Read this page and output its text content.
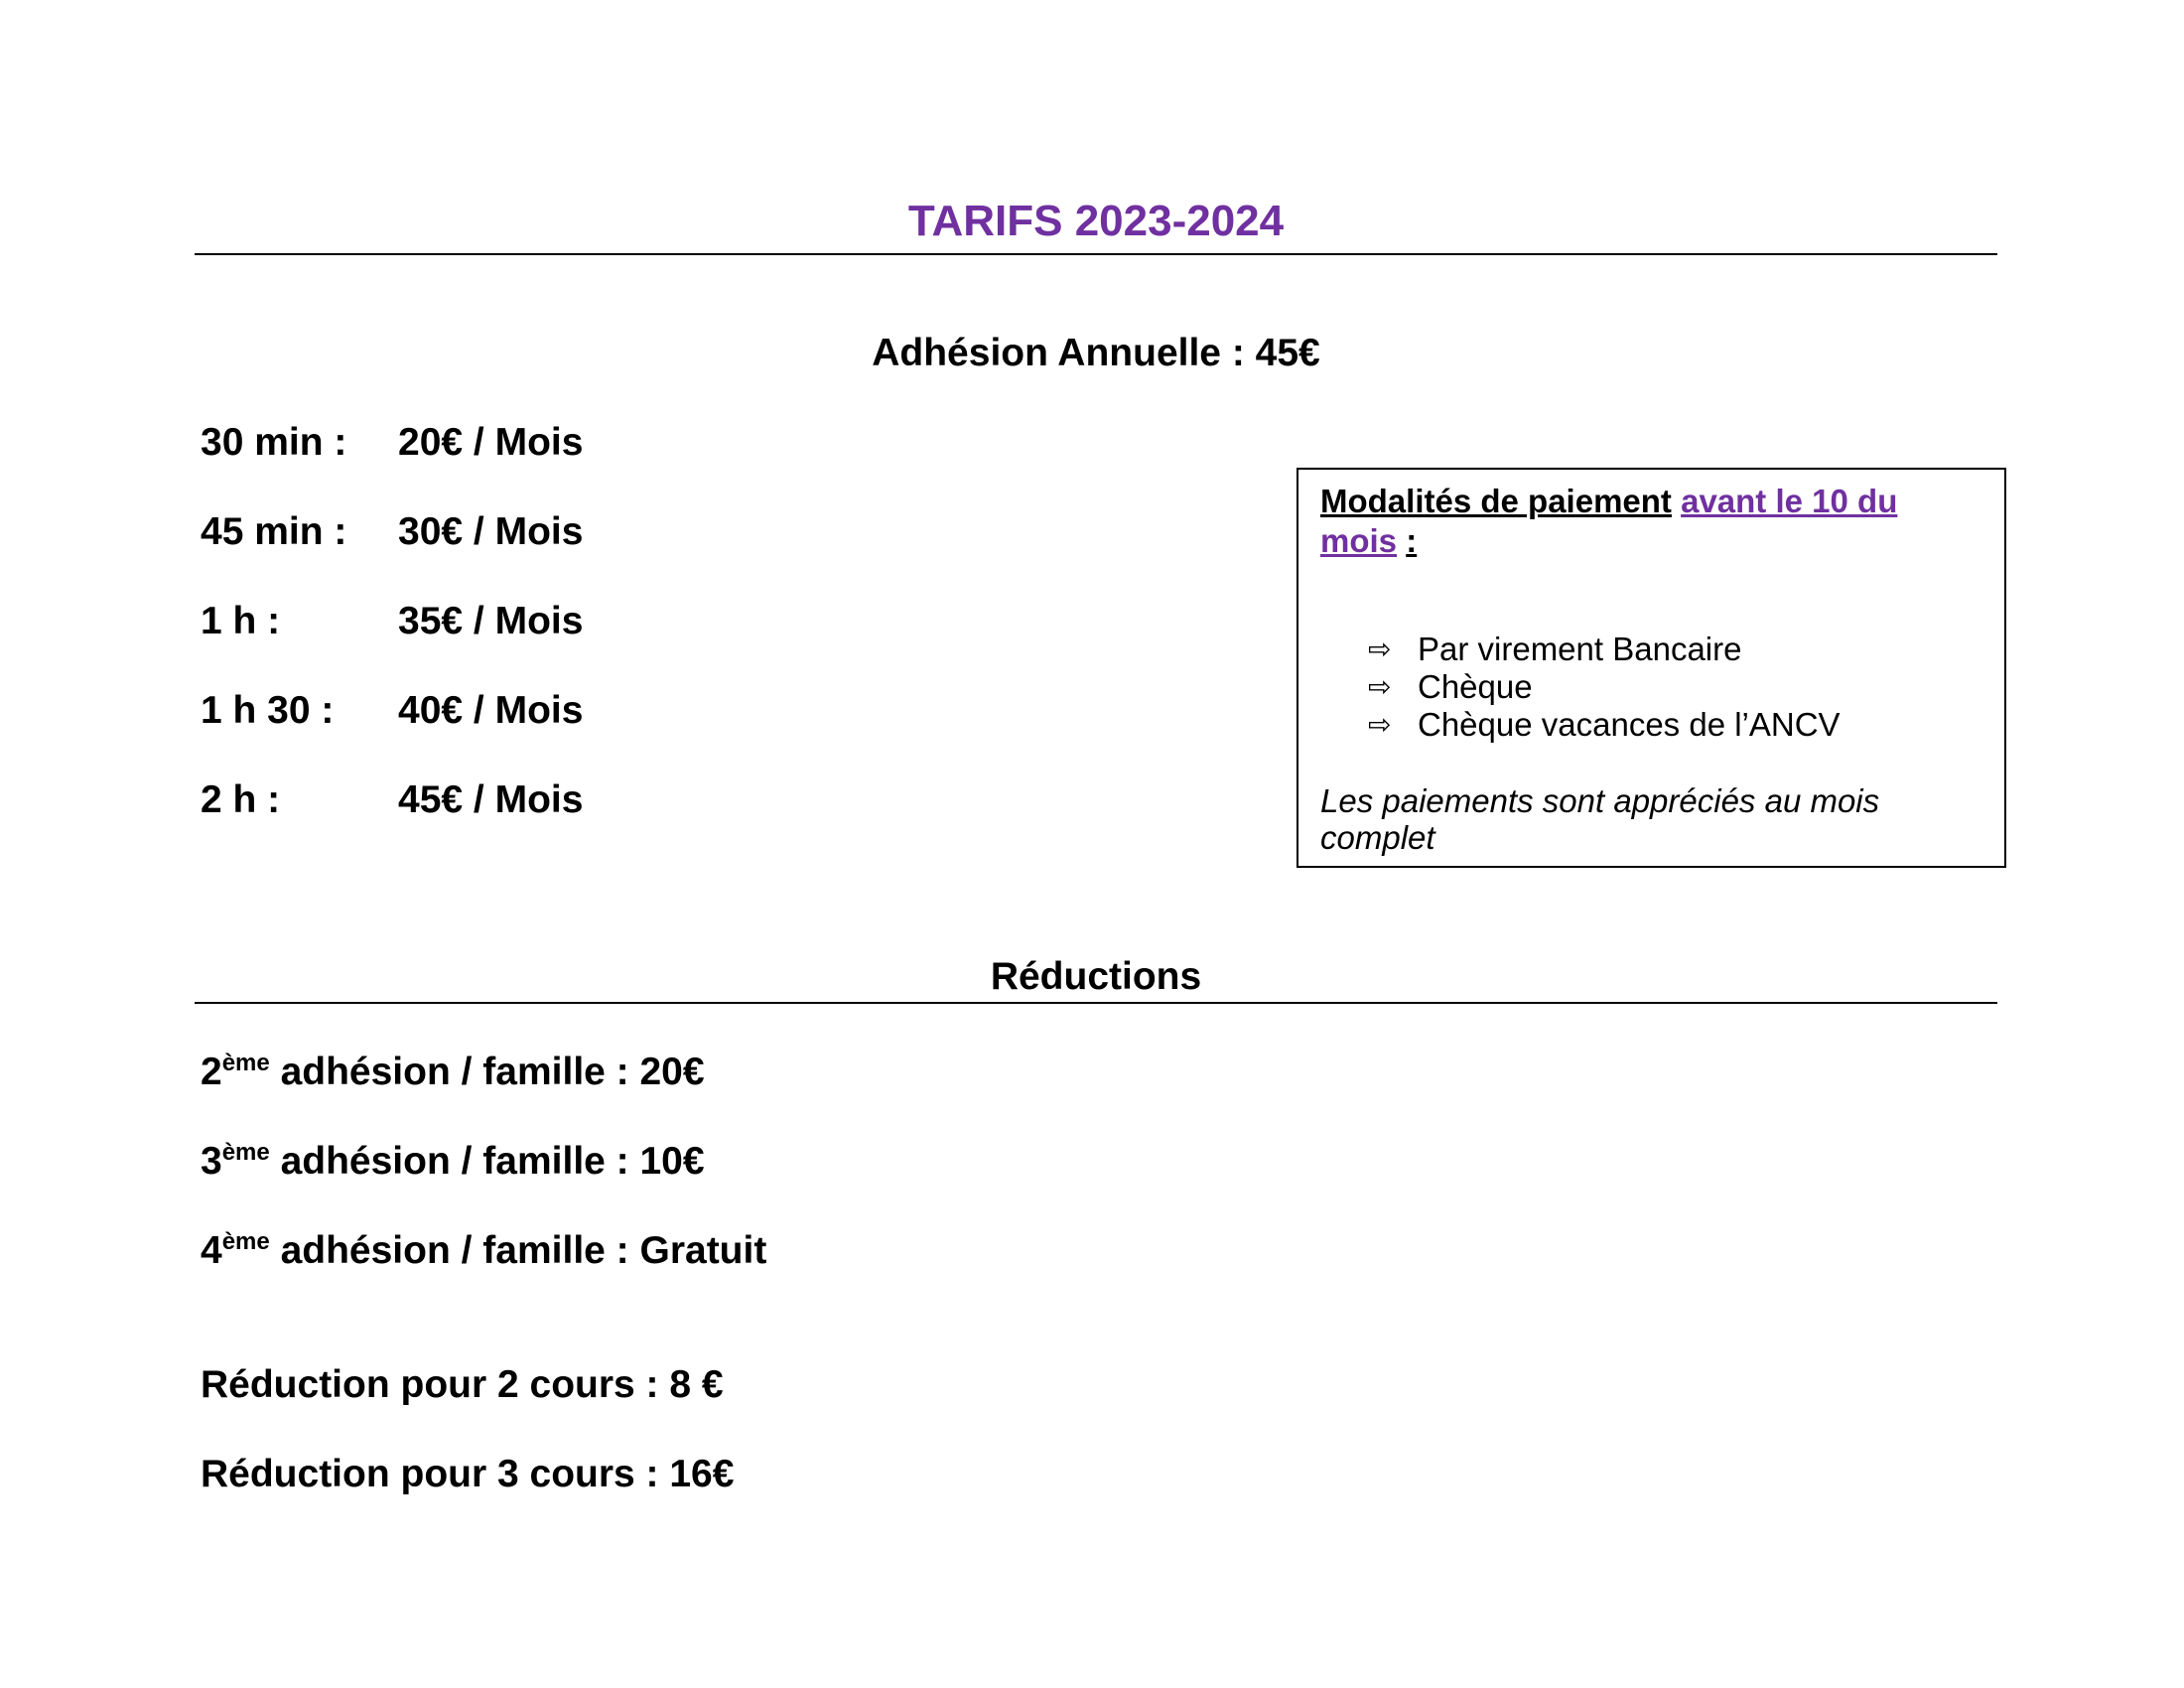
TARIFS 2023-2024
Adhésion Annuelle : 45€
30 min : 20€ / Mois
45 min : 30€ / Mois
1 h :	35€ / Mois
1 h 30 : 40€ / Mois
2 h :	45€ / Mois
Modalités de paiement avant le 10 du mois :
⇨ Par virement Bancaire
⇨ Chèque
⇨ Chèque vacances de l’ANCV
Les paiements sont appréciés au mois complet
Réductions
2ème adhésion / famille : 20€
3ème adhésion / famille : 10€
4ème adhésion / famille : Gratuit
Réduction pour 2 cours : 8 €
Réduction pour 3 cours : 16€
